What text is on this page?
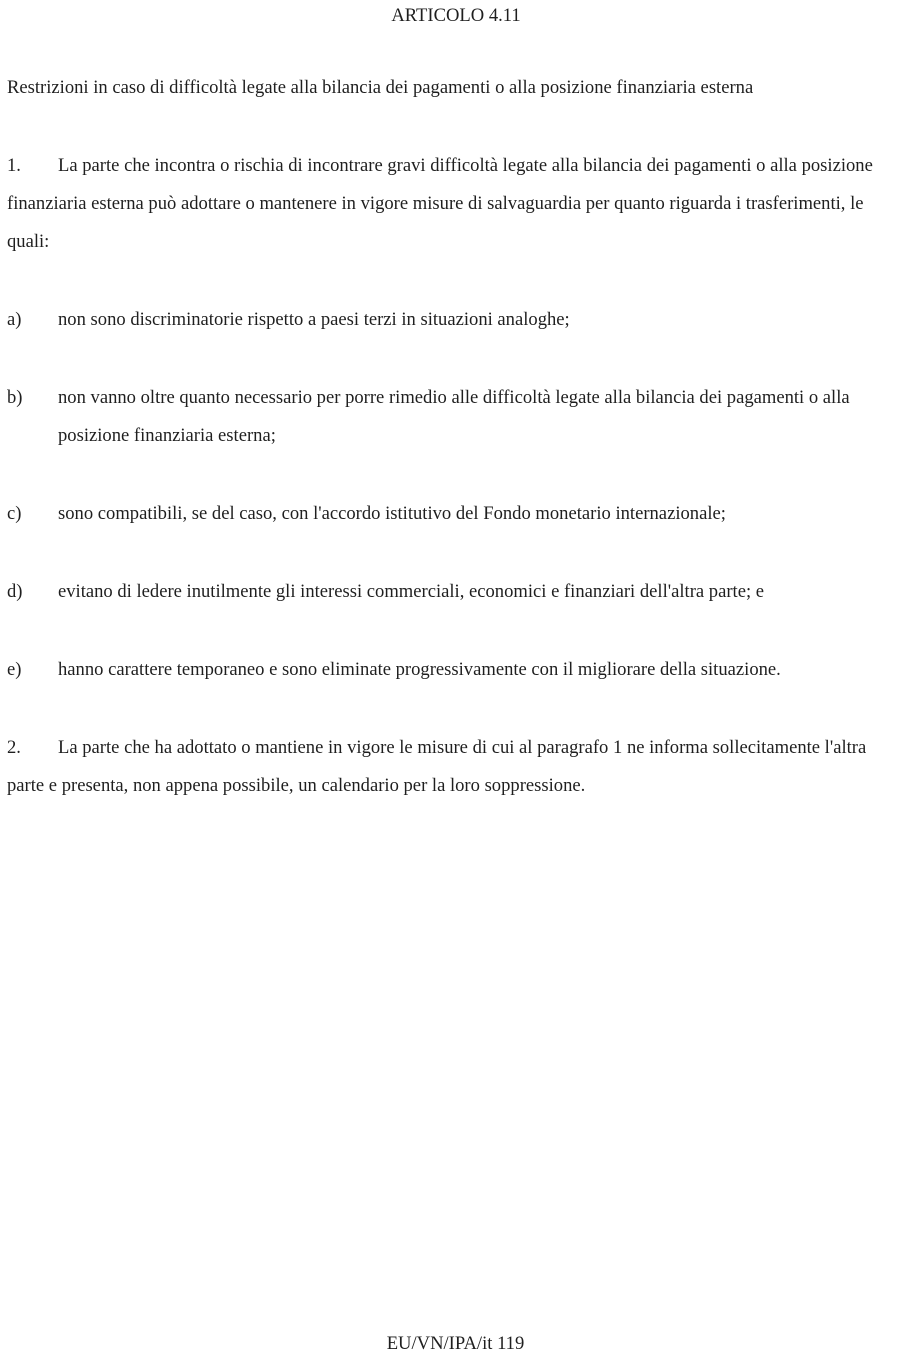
ARTICOLO 4.11

Restrizioni in caso di difficoltà legate alla bilancia dei pagamenti o alla posizione finanziaria esterna

1. La parte che incontra o rischia di incontrare gravi difficoltà legate alla bilancia dei pagamenti o alla posizione finanziaria esterna può adottare o mantenere in vigore misure di salvaguardia per quanto riguarda i trasferimenti, le quali:

a) non sono discriminatorie rispetto a paesi terzi in situazioni analoghe;

b) non vanno oltre quanto necessario per porre rimedio alle difficoltà legate alla bilancia dei pagamenti o alla posizione finanziaria esterna;

c) sono compatibili, se del caso, con l'accordo istitutivo del Fondo monetario internazionale;

d) evitano di ledere inutilmente gli interessi commerciali, economici e finanziari dell'altra parte; e

e) hanno carattere temporaneo e sono eliminate progressivamente con il migliorare della situazione.

2. La parte che ha adottato o mantiene in vigore le misure di cui al paragrafo 1 ne informa sollecitamente l'altra parte e presenta, non appena possibile, un calendario per la loro soppressione.

EU/VN/IPA/it 119
